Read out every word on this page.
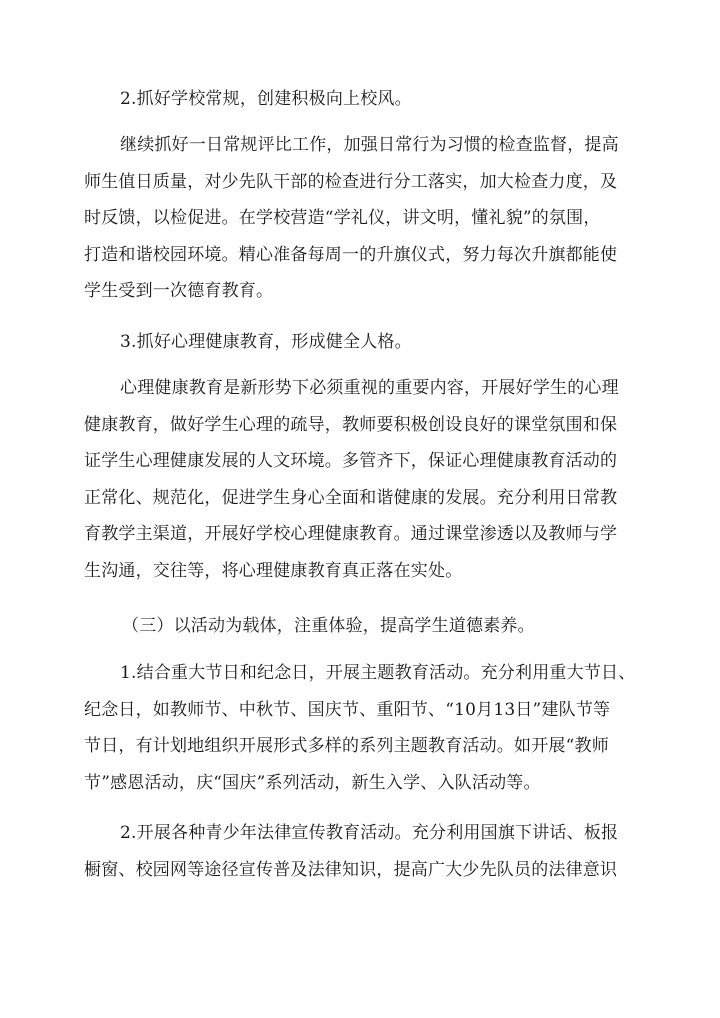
2.抓好学校常规，创建积极向上校风。
继续抓好一日常规评比工作，加强日常行为习惯的检查监督，提高
师生值日质量，对少先队干部的检查进行分工落实，加大检查力度，及
时反馈，以检促进。在学校营造“学礼仪，讲文明，懂礼貌”的氛围，
打造和谐校园环境。精心准备每周一的升旗仪式，努力每次升旗都能使
学生受到一次德育教育。
3.抓好心理健康教育，形成健全人格。
心理健康教育是新形势下必须重视的重要内容，开展好学生的心理
健康教育，做好学生心理的疏导，教师要积极创设良好的课堂氛围和保
证学生心理健康发展的人文环境。多管齐下，保证心理健康教育活动的
正常化、规范化，促进学生身心全面和谐健康的发展。充分利用日常教
育教学主渠道，开展好学校心理健康教育。通过课堂渗透以及教师与学
生沟通，交往等，将心理健康教育真正落在实处。
（三）以活动为载体，注重体验，提高学生道德素养。
1.结合重大节日和纪念日，开展主题教育活动。充分利用重大节日、
纪念日，如教师节、中秋节、国庆节、重阳节、“10月13日”建队节等
节日，有计划地组织开展形式多样的系列主题教育活动。如开展“教师
节”感恩活动，庆“国庆”系列活动，新生入学、入队活动等。
2.开展各种青少年法律宣传教育活动。充分利用国旗下讲话、板报
橱窗、校园网等途径宣传普及法律知识，提高广大少先队员的法律意识
